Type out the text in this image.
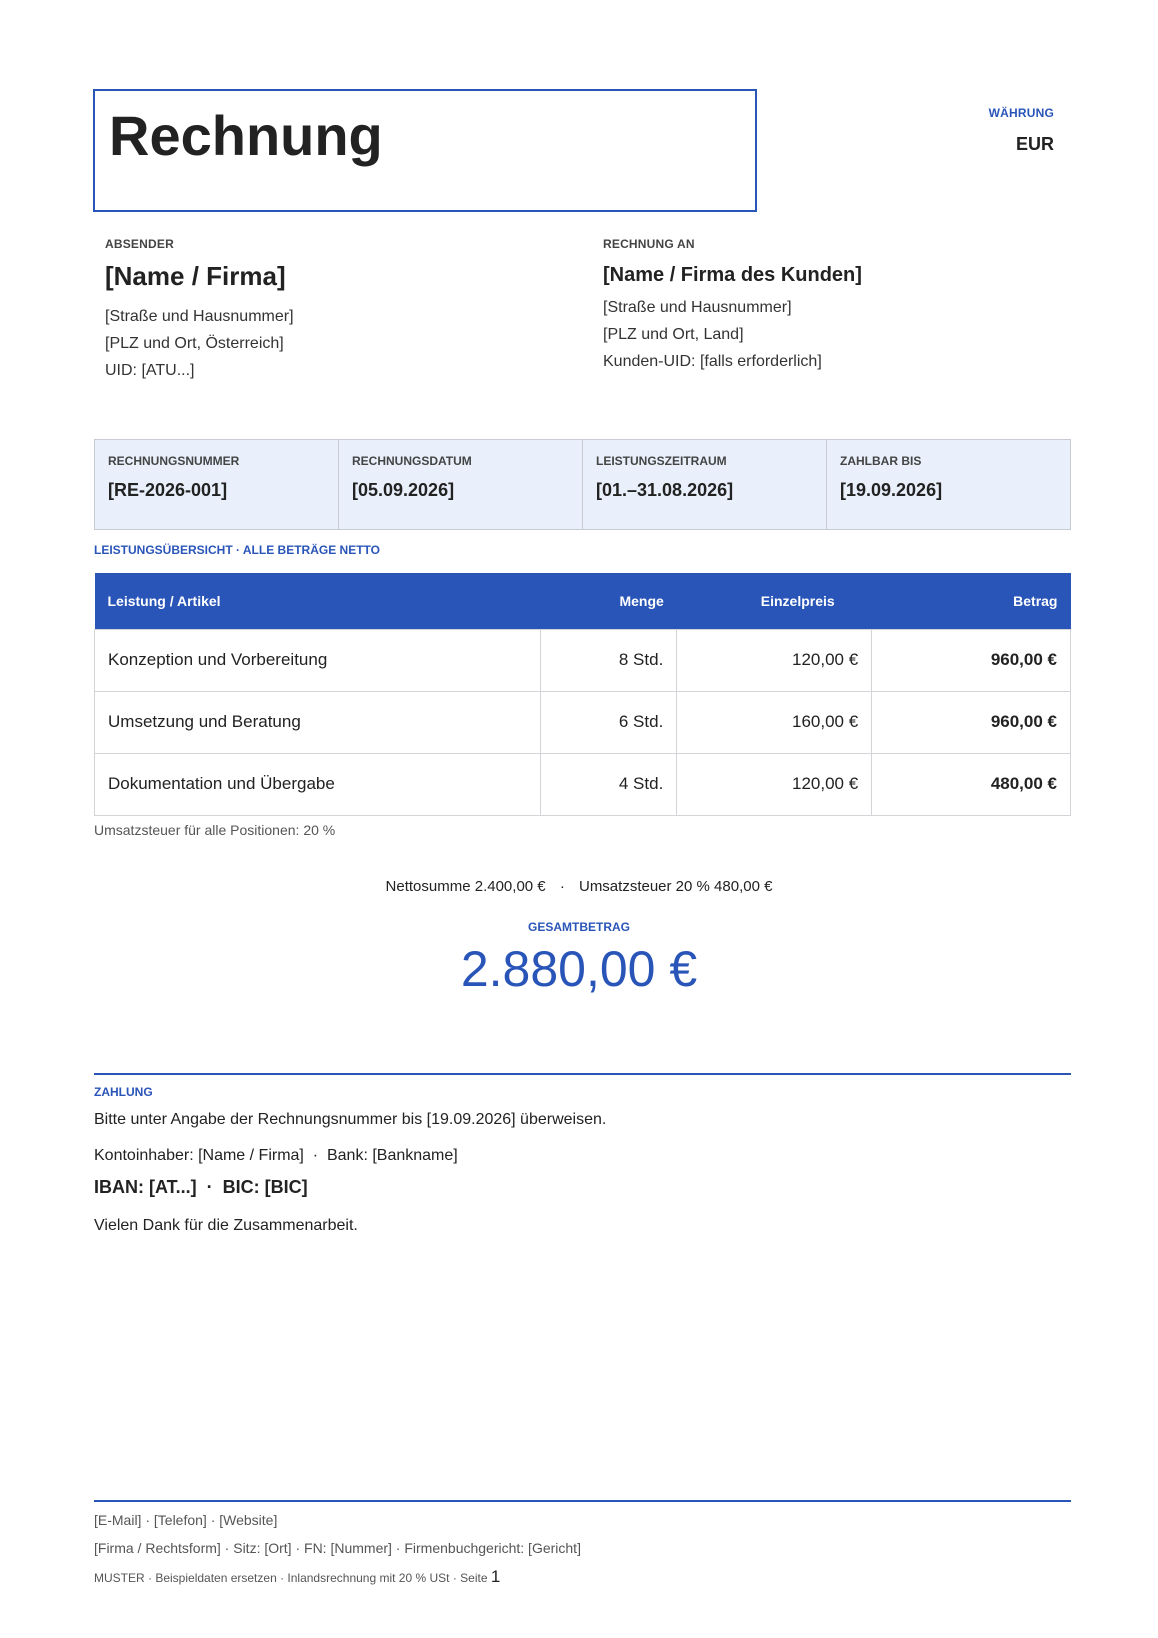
Rechnung	WÄHRUNG
EUR
ABSENDER
[Name / Firma]
[Straße und Hausnummer]
[PLZ und Ort, Österreich]
UID: [ATU...]
RECHNUNG AN
[Name / Firma des Kunden]
[Straße und Hausnummer]
[PLZ und Ort, Land]
Kunden-UID: [falls erforderlich]
RECHNUNGSNUMMER
[RE-2026-001]
RECHNUNGSDATUM
[05.09.2026]
LEISTUNGSZEITRAUM
[01.–31.08.2026]
ZAHLBAR BIS
[19.09.2026]
LEISTUNGSÜBERSICHT · ALLE BETRÄGE NETTO
Leistung / Artikel	Menge	Einzelpreis	Betrag
Konzeption und Vorbereitung	8 Std.	120,00 €	960,00 €
Umsetzung und Beratung	6 Std.	160,00 €	960,00 €
Dokumentation und Übergabe	4 Std.	120,00 €	480,00 €
Umsatzsteuer für alle Positionen: 20 %
Nettosumme 2.400,00 € · Umsatzsteuer 20 % 480,00 €
GESAMTBETRAG
2.880,00 €
ZAHLUNG
Bitte unter Angabe der Rechnungsnummer bis [19.09.2026] überweisen.
Kontoinhaber: [Name / Firma]  ·  Bank: [Bankname]
IBAN: [AT...]  ·  BIC: [BIC]
Vielen Dank für die Zusammenarbeit.
[E-Mail] · [Telefon] · [Website]
[Firma / Rechtsform] · Sitz: [Ort] · FN: [Nummer] · Firmenbuchgericht: [Gericht]
MUSTER · Beispieldaten ersetzen · Inlandsrechnung mit 20 % USt · Seite 1
